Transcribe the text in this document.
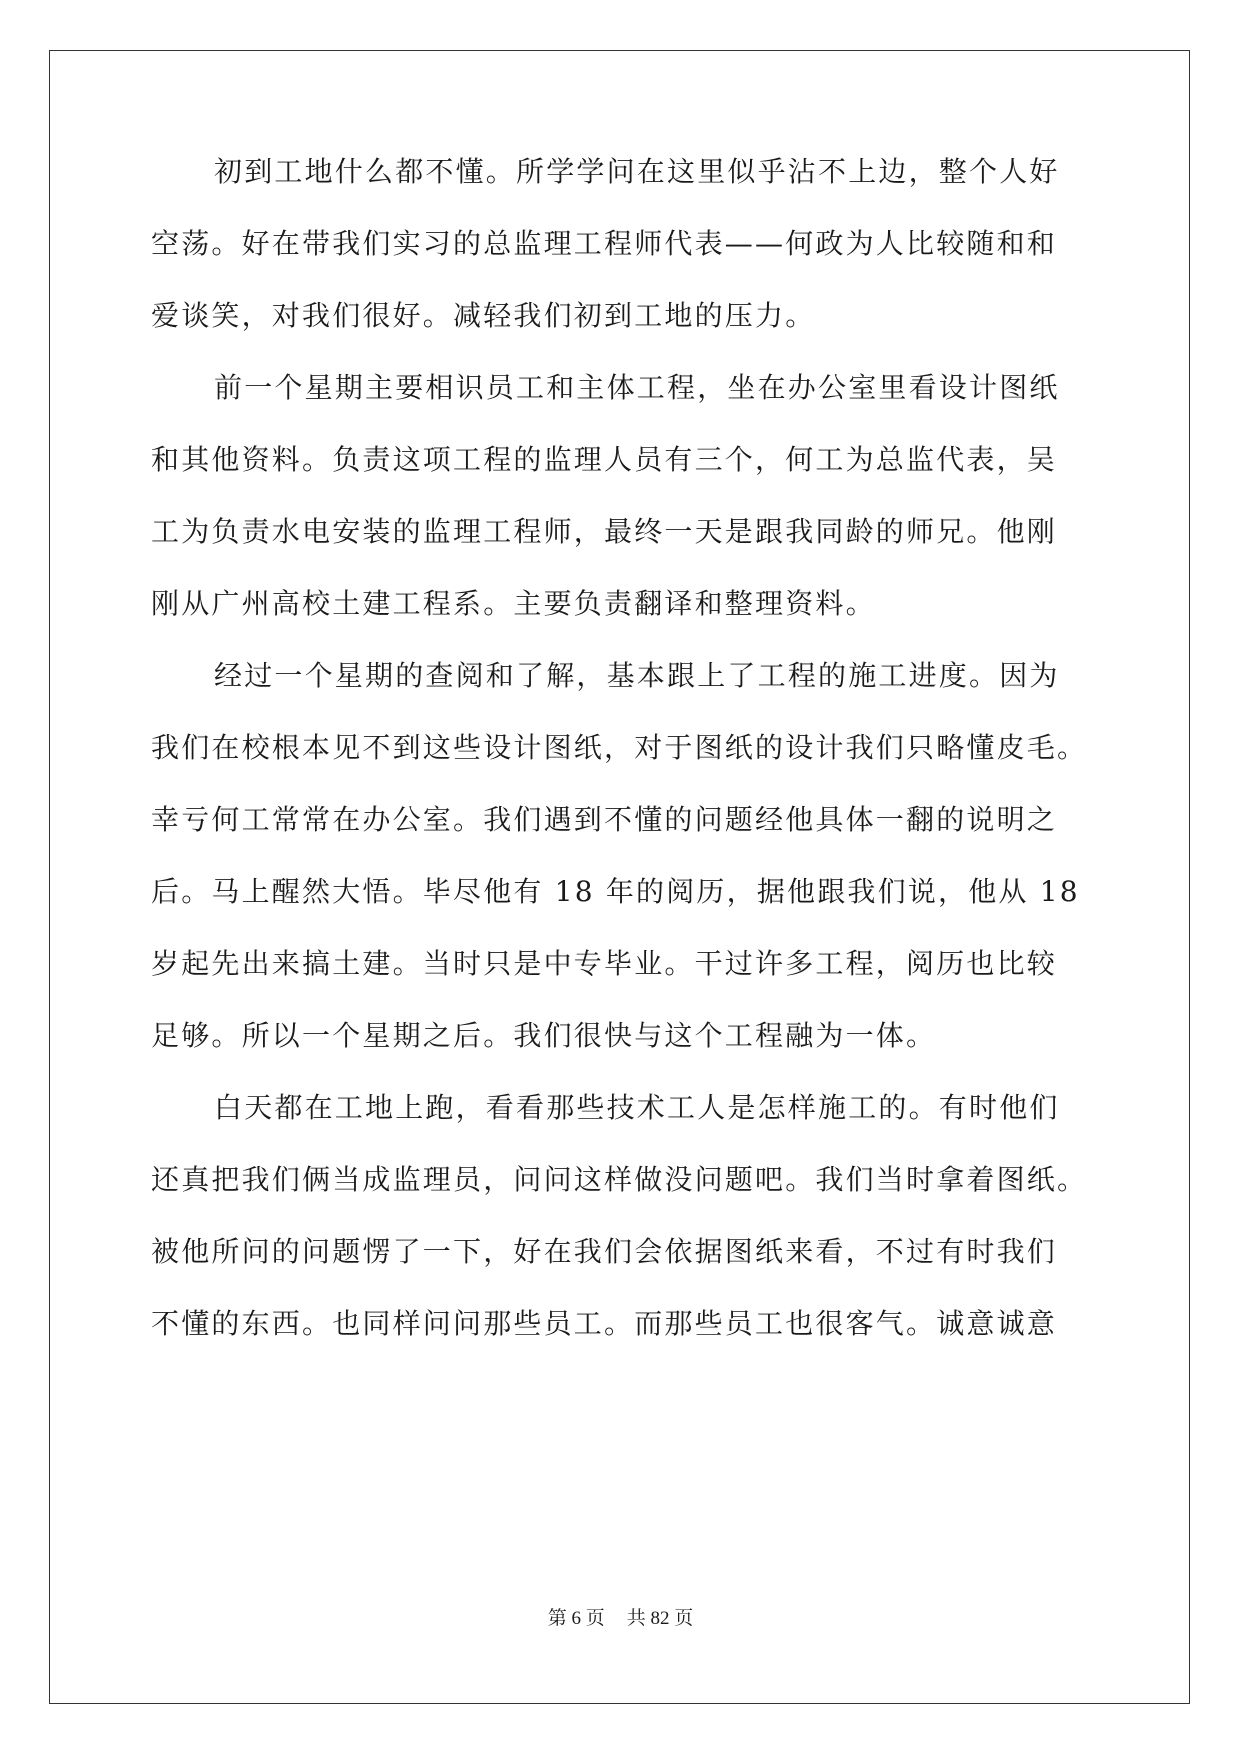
初到工地什么都不懂。所学学问在这里似乎沾不上边，整个人好
空荡。好在带我们实习的总监理工程师代表——何政为人比较随和和
爱谈笑，对我们很好。减轻我们初到工地的压力。
前一个星期主要相识员工和主体工程，坐在办公室里看设计图纸
和其他资料。负责这项工程的监理人员有三个，何工为总监代表，吴
工为负责水电安装的监理工程师，最终一天是跟我同龄的师兄。他刚
刚从广州高校土建工程系。主要负责翻译和整理资料。
经过一个星期的查阅和了解，基本跟上了工程的施工进度。因为
我们在校根本见不到这些设计图纸，对于图纸的设计我们只略懂皮毛。
幸亏何工常常在办公室。我们遇到不懂的问题经他具体一翻的说明之
后。马上醒然大悟。毕尽他有 18 年的阅历，据他跟我们说，他从 18
岁起先出来搞土建。当时只是中专毕业。干过许多工程，阅历也比较
足够。所以一个星期之后。我们很快与这个工程融为一体。
白天都在工地上跑，看看那些技术工人是怎样施工的。有时他们
还真把我们俩当成监理员，问问这样做没问题吧。我们当时拿着图纸。
被他所问的问题愣了一下，好在我们会依据图纸来看，不过有时我们
不懂的东西。也同样问问那些员工。而那些员工也很客气。诚意诚意
第 6 页 共 82 页
